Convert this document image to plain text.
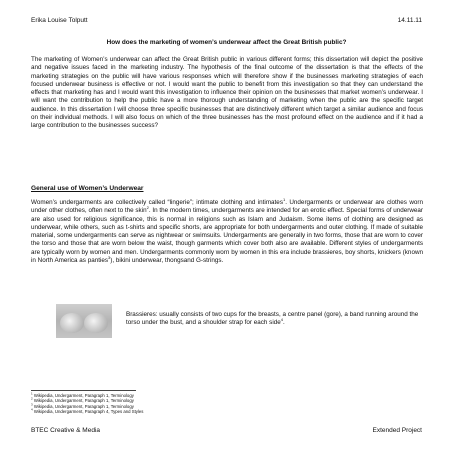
Erika Louise Tolputt	14.11.11
How does the marketing of women’s underwear affect the Great British public?

The marketing of Women’s underwear can affect the Great British public in various different forms; this dissertation will depict the positive and negative issues faced in the marketing industry. The hypothesis of the final outcome of the dissertation is that the effects of the marketing strategies on the public will have various responses which will therefore show if the businesses marketing strategies of each focused underwear business is effective or not. I would want the public to benefit from this investigation so that they can understand the effects that marketing has and I would want this investigation to influence their opinion on the businesses that market women’s underwear. I will want the contribution to help the public have a more thorough understanding of marketing when the public are the specific target audience. In this dissertation I will choose three specific businesses that are distinctively different which target a similar audience and focus on their individual methods. I will also focus on which of the three businesses has the most profound effect on the audience and if it had a large contribution to the businesses success?

General use of Women’s Underwear

Women’s undergarments are collectively called “lingerie”; intimate clothing and intimates$^1$. Undergarments or underwear are clothes worn under other clothes, often next to the skin$^2$. In the modern times, undergarments are intended for an erotic effect. Special forms of underwear are also used for religious significance, this is normal in religions such as Islam and Judaism. Some items of clothing are designed as underwear, while others, such as t-shirts and specific shorts, are appropriate for both undergarments and outer clothing. If made of suitable material, some undergarments can serve as nightwear or swimsuits. Undergarments are generally in two forms, those that are worn to cover the torso and those that are worn below the waist, though garments which cover both also are available. Different styles of undergarments are typically worn by women and men. Undergarments commonly worn by women in this era include brassieres, boy shorts, knickers (known in North America as panties$^3$), bikini underwear, thongsand G-strings.

Brassieres: usually consists of two cups for the breasts, a centre panel (gore), a band running around the torso under the bust, and a shoulder strap for each side$^4$.

$^1$ Wikipedia, Undergarment, Paragraph 1, Terminology
$^2$ Wikipedia, Undergarment, Paragraph 1, Terminology
$^3$ Wikipedia, Undergarment, Paragraph 1, Terminology
$^4$ Wikipedia, Undergarment, Paragraph 4, Types and Styles
BTEC Creative & Media	Extended Project
